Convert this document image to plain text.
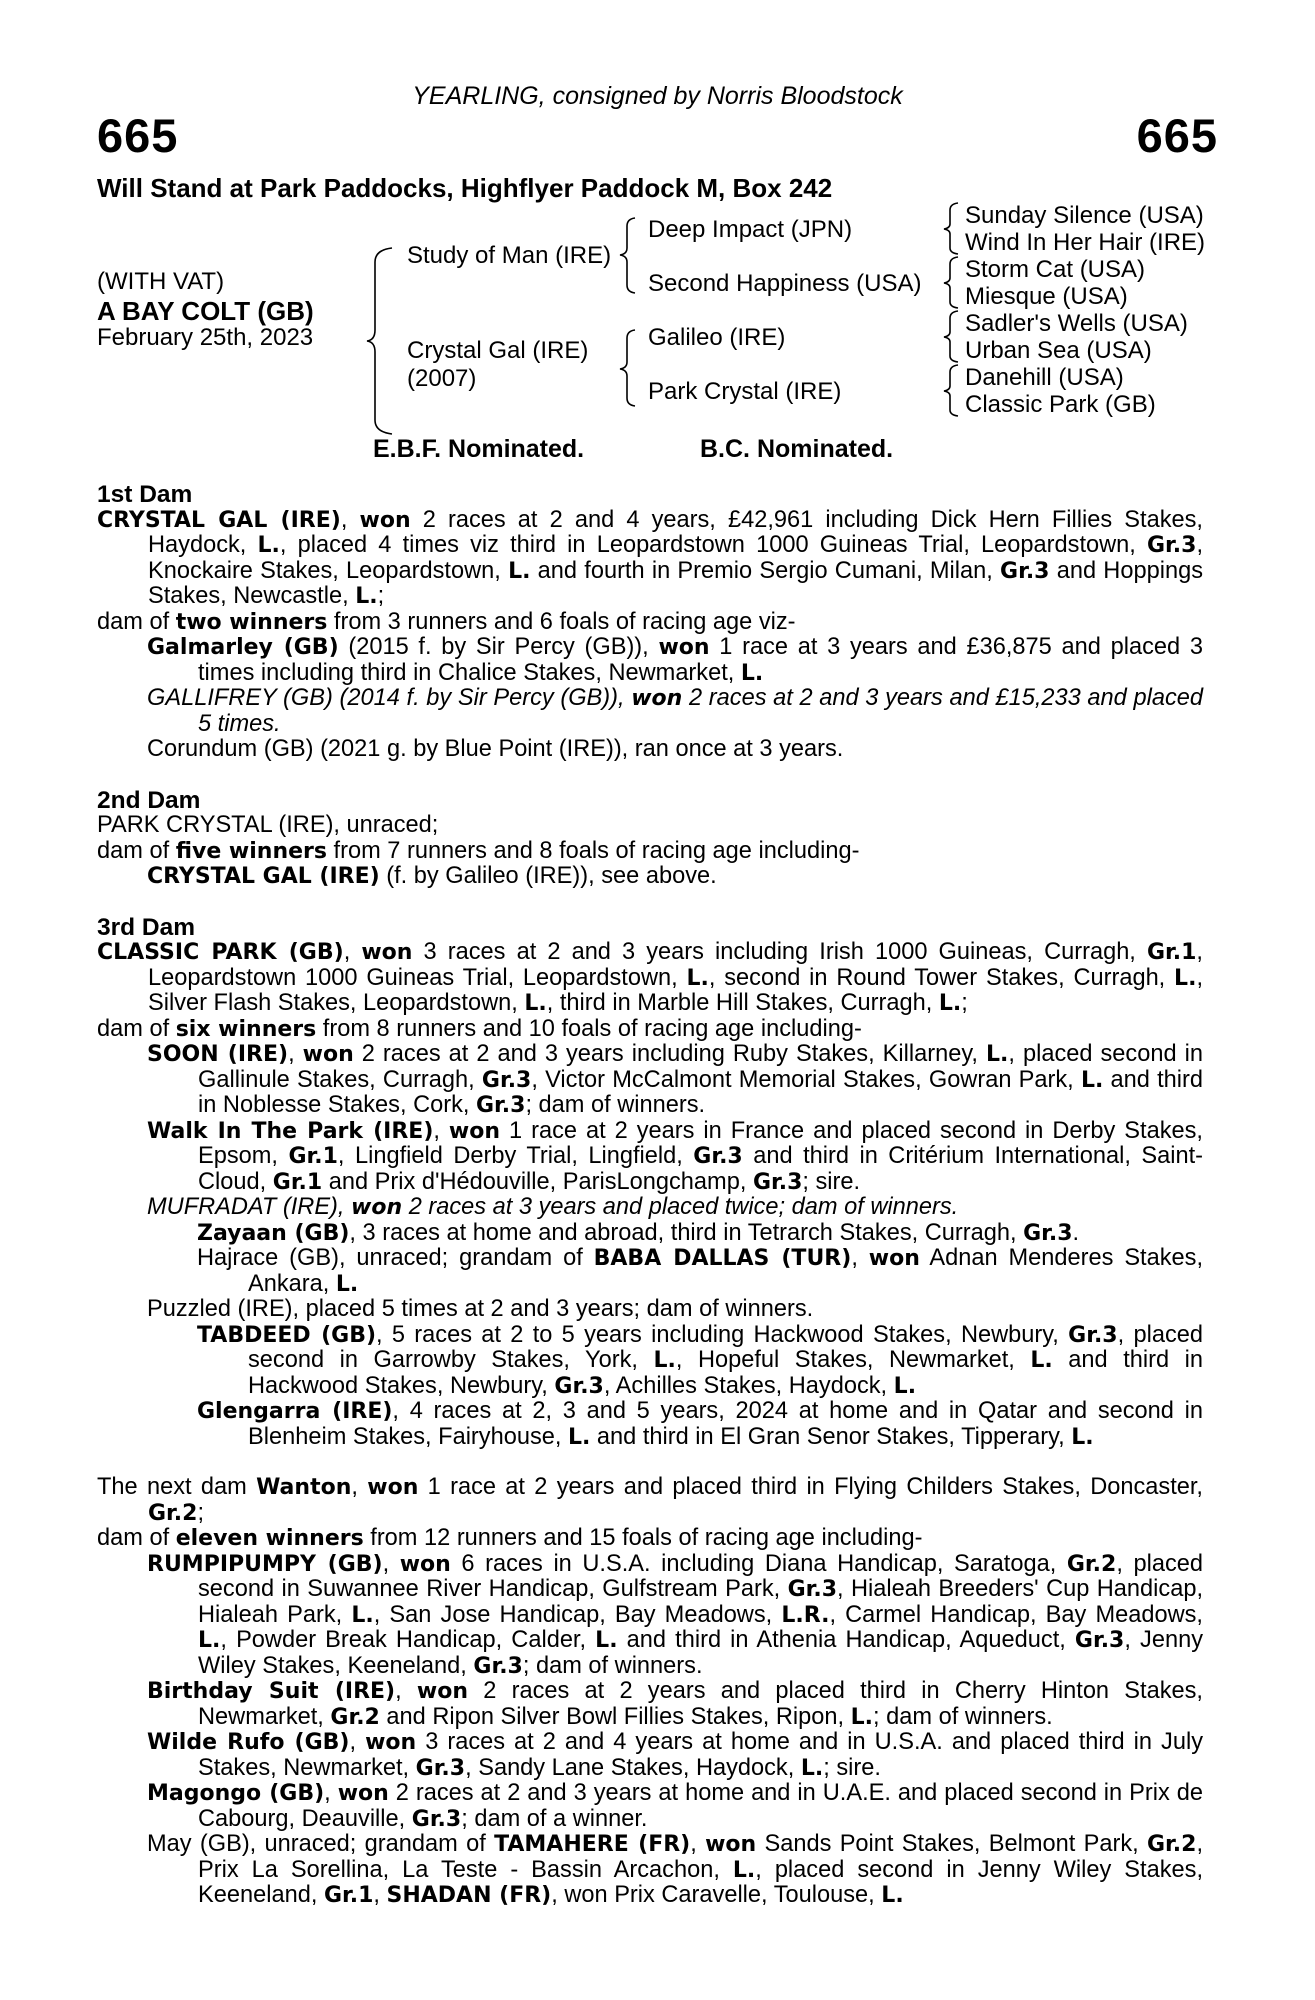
YEARLING, consigned by Norris Bloodstock
665	665
Will Stand at Park Paddocks, Highflyer Paddock M, Box 242
(WITH VAT)
A BAY COLT (GB)
February 25th, 2023
Study of Man (IRE)
Crystal Gal (IRE)
(2007)
Deep Impact (JPN)
Second Happiness (USA)
Galileo (IRE)
Park Crystal (IRE)
Sunday Silence (USA)
Wind In Her Hair (IRE)
Storm Cat (USA)
Miesque (USA)
Sadler's Wells (USA)
Urban Sea (USA)
Danehill (USA)
Classic Park (GB)
E.B.F. Nominated.	B.C. Nominated.
1st Dam

CRYSTAL GAL (IRE), won 2 races at 2 and 4 years, £42,961 including Dick Hern Fillies Stakes, Haydock, L., placed 4 times viz third in Leopardstown 1000 Guineas Trial, Leopardstown, Gr.3, Knockaire Stakes, Leopardstown, L. and fourth in Premio Sergio Cumani, Milan, Gr.3 and Hoppings Stakes, Newcastle, L.;

dam of two winners from 3 runners and 6 foals of racing age viz-

Galmarley (GB) (2015 f. by Sir Percy (GB)), won 1 race at 3 years and £36,875 and placed 3 times including third in Chalice Stakes, Newmarket, L.

GALLIFREY (GB) (2014 f. by Sir Percy (GB)), won 2 races at 2 and 3 years and £15,233 and placed 5 times.

Corundum (GB) (2021 g. by Blue Point (IRE)), ran once at 3 years.

2nd Dam

PARK CRYSTAL (IRE), unraced;

dam of five winners from 7 runners and 8 foals of racing age including-

CRYSTAL GAL (IRE) (f. by Galileo (IRE)), see above.

3rd Dam

CLASSIC PARK (GB), won 3 races at 2 and 3 years including Irish 1000 Guineas, Curragh, Gr.1, Leopardstown 1000 Guineas Trial, Leopardstown, L., second in Round Tower Stakes, Curragh, L., Silver Flash Stakes, Leopardstown, L., third in Marble Hill Stakes, Curragh, L.;

dam of six winners from 8 runners and 10 foals of racing age including-

SOON (IRE), won 2 races at 2 and 3 years including Ruby Stakes, Killarney, L., placed second in Gallinule Stakes, Curragh, Gr.3, Victor McCalmont Memorial Stakes, Gowran Park, L. and third in Noblesse Stakes, Cork, Gr.3; dam of winners.

Walk In The Park (IRE), won 1 race at 2 years in France and placed second in Derby Stakes, Epsom, Gr.1, Lingfield Derby Trial, Lingfield, Gr.3 and third in Critérium International, Saint-Cloud, Gr.1 and Prix d'Hédouville, ParisLongchamp, Gr.3; sire.

MUFRADAT (IRE), won 2 races at 3 years and placed twice; dam of winners.

Zayaan (GB), 3 races at home and abroad, third in Tetrarch Stakes, Curragh, Gr.3.

Hajrace (GB), unraced; grandam of BABA DALLAS (TUR), won Adnan Menderes Stakes, Ankara, L.

Puzzled (IRE), placed 5 times at 2 and 3 years; dam of winners.

TABDEED (GB), 5 races at 2 to 5 years including Hackwood Stakes, Newbury, Gr.3, placed second in Garrowby Stakes, York, L., Hopeful Stakes, Newmarket, L. and third in Hackwood Stakes, Newbury, Gr.3, Achilles Stakes, Haydock, L.

Glengarra (IRE), 4 races at 2, 3 and 5 years, 2024 at home and in Qatar and second in Blenheim Stakes, Fairyhouse, L. and third in El Gran Senor Stakes, Tipperary, L.

The next dam Wanton, won 1 race at 2 years and placed third in Flying Childers Stakes, Doncaster, Gr.2;

dam of eleven winners from 12 runners and 15 foals of racing age including-

RUMPIPUMPY (GB), won 6 races in U.S.A. including Diana Handicap, Saratoga, Gr.2, placed second in Suwannee River Handicap, Gulfstream Park, Gr.3, Hialeah Breeders' Cup Handicap, Hialeah Park, L., San Jose Handicap, Bay Meadows, L.R., Carmel Handicap, Bay Meadows, L., Powder Break Handicap, Calder, L. and third in Athenia Handicap, Aqueduct, Gr.3, Jenny Wiley Stakes, Keeneland, Gr.3; dam of winners.

Birthday Suit (IRE), won 2 races at 2 years and placed third in Cherry Hinton Stakes, Newmarket, Gr.2 and Ripon Silver Bowl Fillies Stakes, Ripon, L.; dam of winners.

Wilde Rufo (GB), won 3 races at 2 and 4 years at home and in U.S.A. and placed third in July Stakes, Newmarket, Gr.3, Sandy Lane Stakes, Haydock, L.; sire.

Magongo (GB), won 2 races at 2 and 3 years at home and in U.A.E. and placed second in Prix de Cabourg, Deauville, Gr.3; dam of a winner.

May (GB), unraced; grandam of TAMAHERE (FR), won Sands Point Stakes, Belmont Park, Gr.2, Prix La Sorellina, La Teste - Bassin Arcachon, L., placed second in Jenny Wiley Stakes, Keeneland, Gr.1, SHADAN (FR), won Prix Caravelle, Toulouse, L.
